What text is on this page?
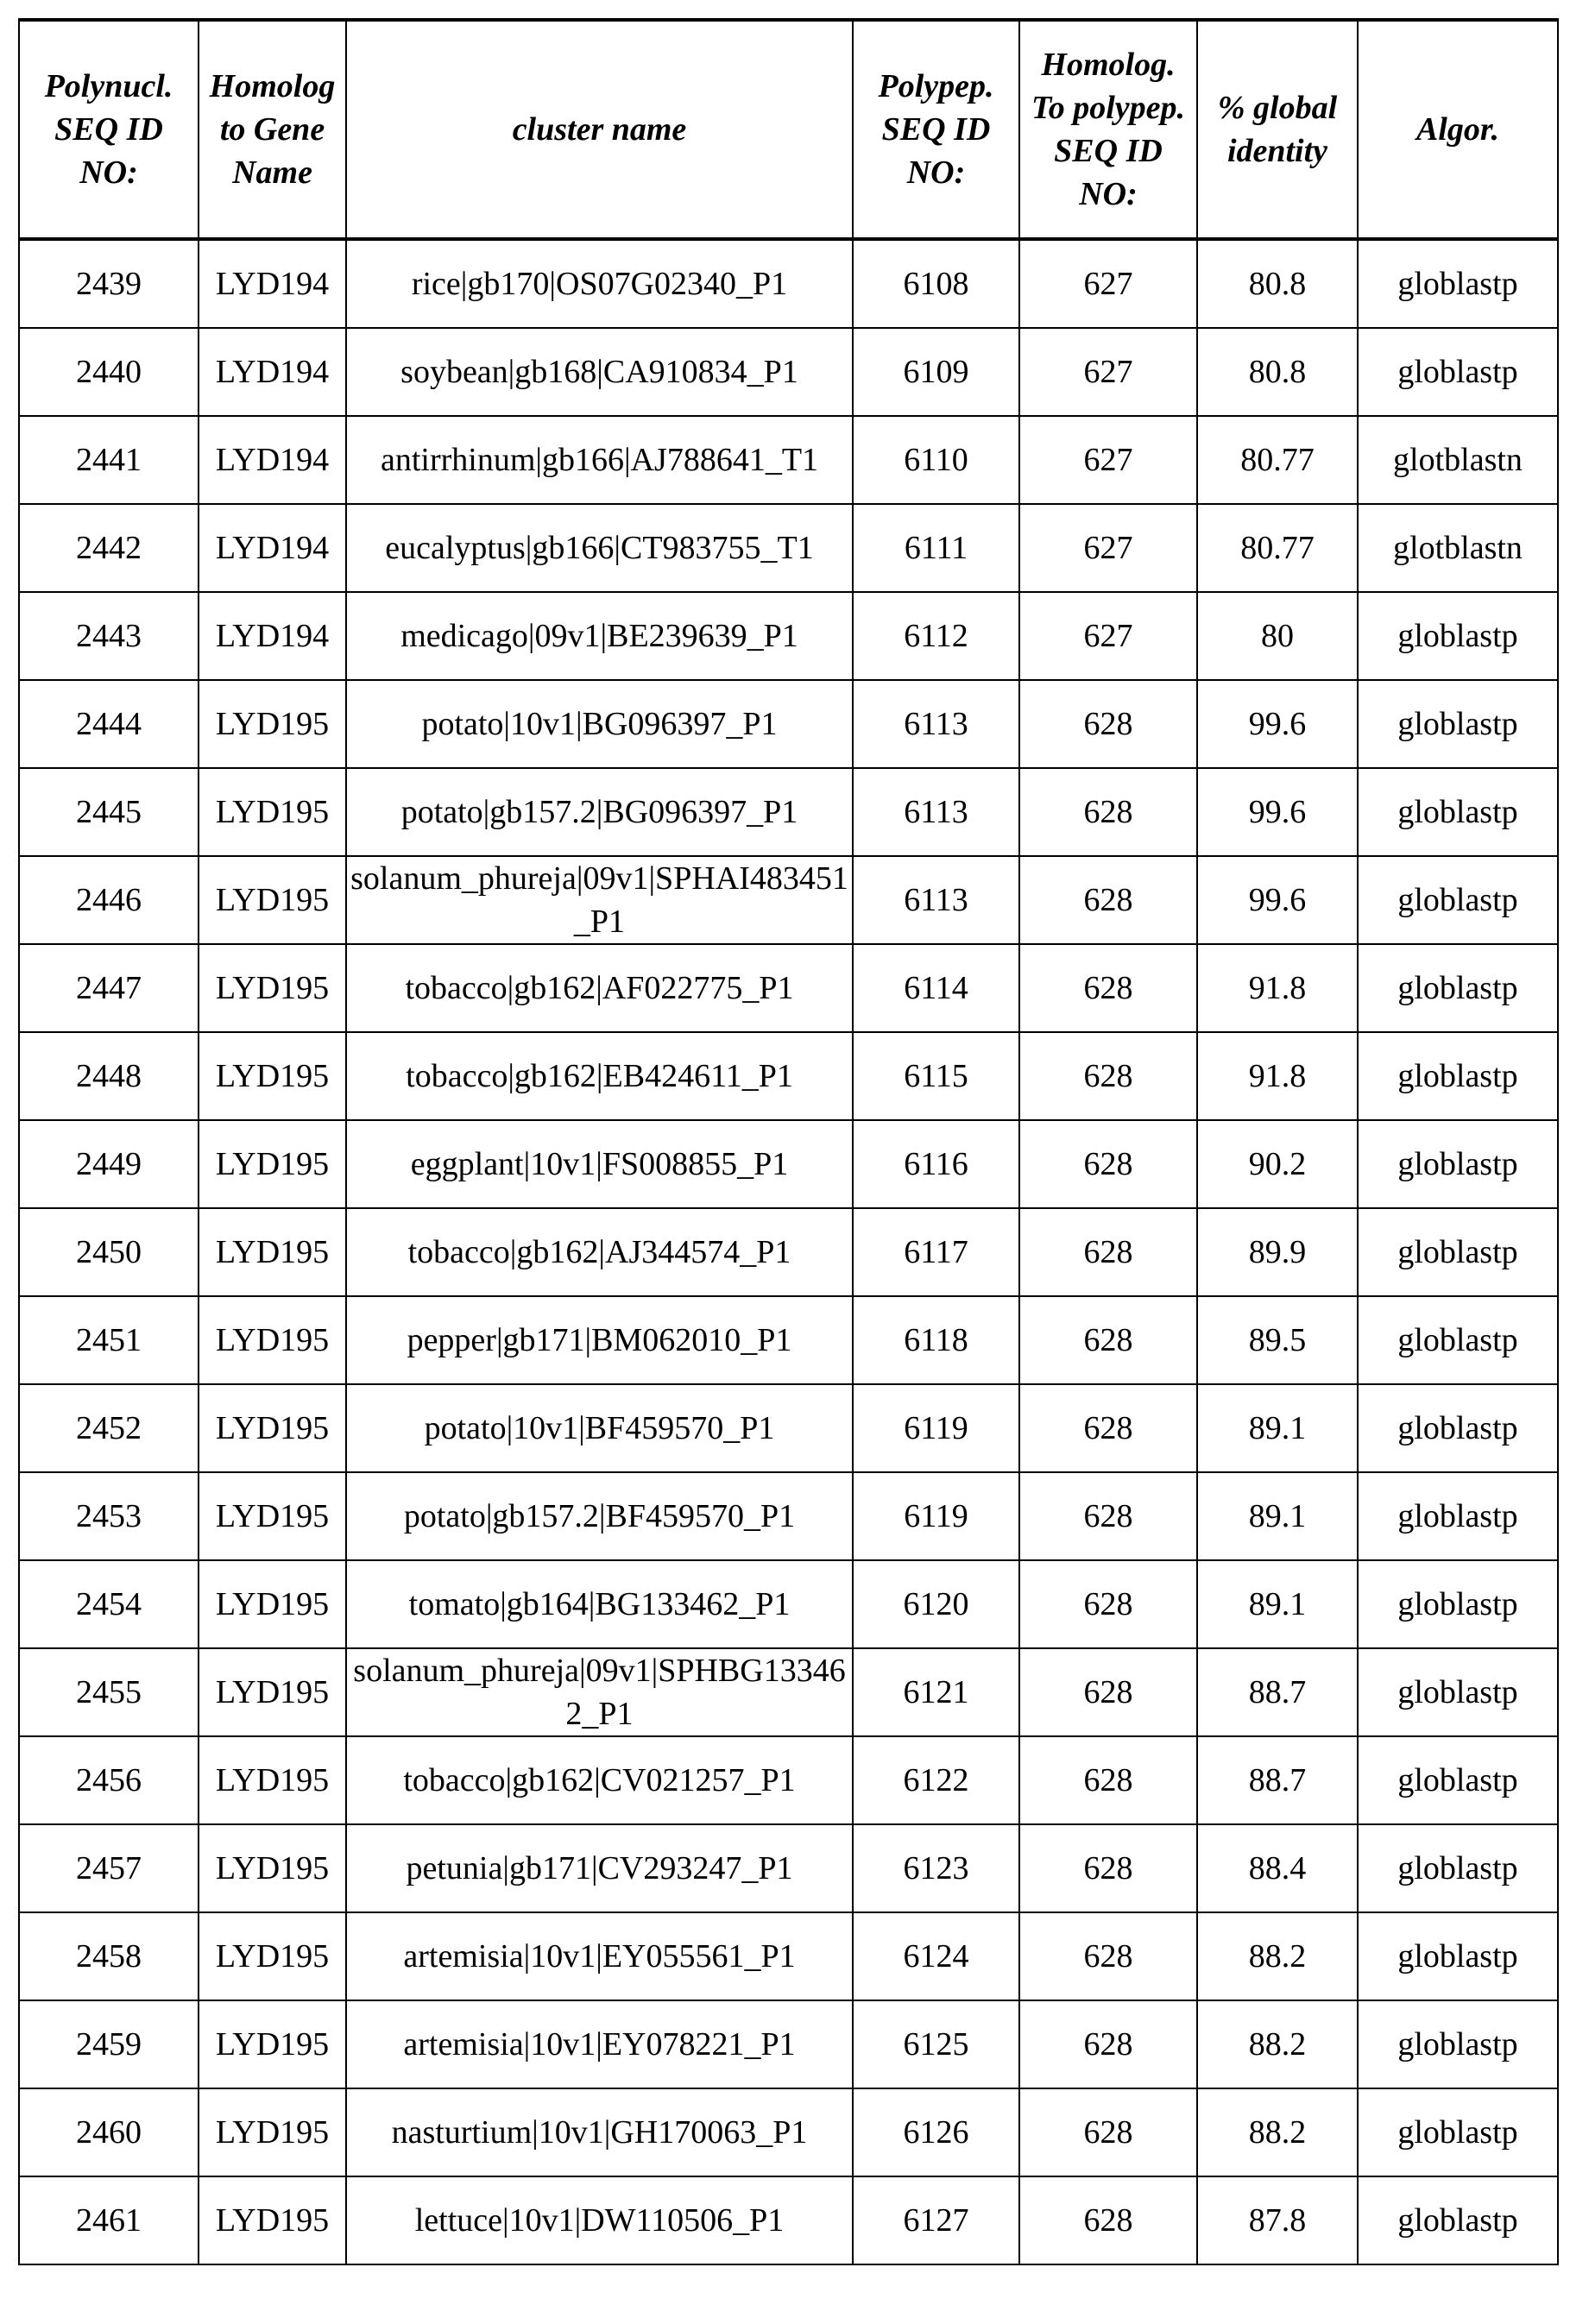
Polynucl. SEQ ID NO:	Homolog to Gene Name	cluster name	Polypep. SEQ ID NO:	Homolog. To polypep. SEQ ID NO:	% global identity	Algor.
2439	LYD194	rice|gb170|OS07G02340_P1	6108	627	80.8	globlastp
2440	LYD194	soybean|gb168|CA910834_P1	6109	627	80.8	globlastp
2441	LYD194	antirrhinum|gb166|AJ788641_T1	6110	627	80.77	glotblastn
2442	LYD194	eucalyptus|gb166|CT983755_T1	6111	627	80.77	glotblastn
2443	LYD194	medicago|09v1|BE239639_P1	6112	627	80	globlastp
2444	LYD195	potato|10v1|BG096397_P1	6113	628	99.6	globlastp
2445	LYD195	potato|gb157.2|BG096397_P1	6113	628	99.6	globlastp
2446	LYD195	solanum_phureja|09v1|SPHAI483451_P1	6113	628	99.6	globlastp
2447	LYD195	tobacco|gb162|AF022775_P1	6114	628	91.8	globlastp
2448	LYD195	tobacco|gb162|EB424611_P1	6115	628	91.8	globlastp
2449	LYD195	eggplant|10v1|FS008855_P1	6116	628	90.2	globlastp
2450	LYD195	tobacco|gb162|AJ344574_P1	6117	628	89.9	globlastp
2451	LYD195	pepper|gb171|BM062010_P1	6118	628	89.5	globlastp
2452	LYD195	potato|10v1|BF459570_P1	6119	628	89.1	globlastp
2453	LYD195	potato|gb157.2|BF459570_P1	6119	628	89.1	globlastp
2454	LYD195	tomato|gb164|BG133462_P1	6120	628	89.1	globlastp
2455	LYD195	solanum_phureja|09v1|SPHBG133462_P1	6121	628	88.7	globlastp
2456	LYD195	tobacco|gb162|CV021257_P1	6122	628	88.7	globlastp
2457	LYD195	petunia|gb171|CV293247_P1	6123	628	88.4	globlastp
2458	LYD195	artemisia|10v1|EY055561_P1	6124	628	88.2	globlastp
2459	LYD195	artemisia|10v1|EY078221_P1	6125	628	88.2	globlastp
2460	LYD195	nasturtium|10v1|GH170063_P1	6126	628	88.2	globlastp
2461	LYD195	lettuce|10v1|DW110506_P1	6127	628	87.8	globlastp
